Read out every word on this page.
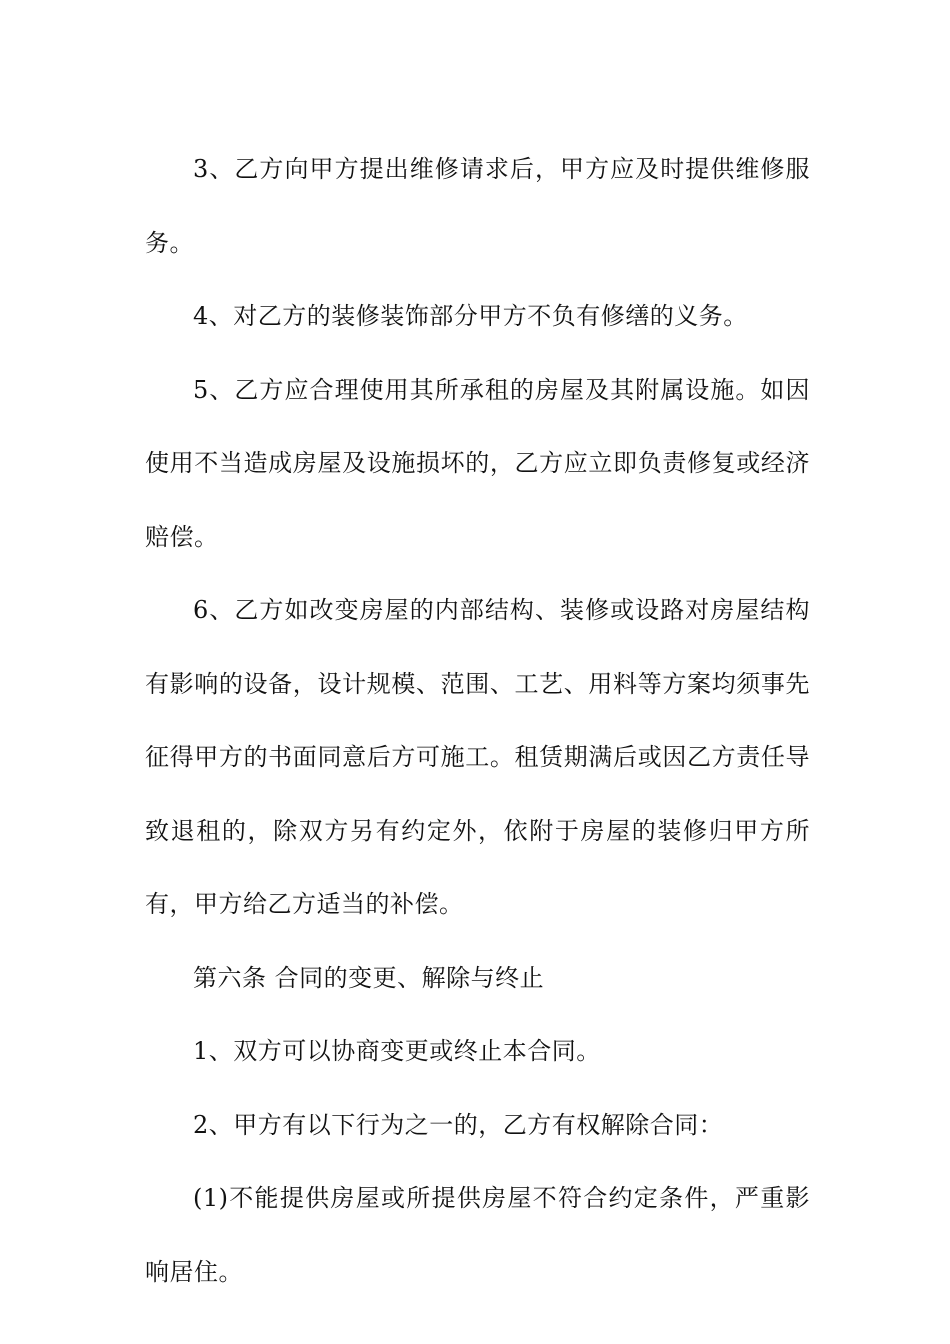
3、乙方向甲方提出维修请求后，甲方应及时提供维修服务。

4、对乙方的装修装饰部分甲方不负有修缮的义务。

5、乙方应合理使用其所承租的房屋及其附属设施。如因使用不当造成房屋及设施损坏的，乙方应立即负责修复或经济赔偿。

6、乙方如改变房屋的内部结构、装修或设路对房屋结构有影响的设备，设计规模、范围、工艺、用料等方案均须事先征得甲方的书面同意后方可施工。租赁期满后或因乙方责任导致退租的，除双方另有约定外，依附于房屋的装修归甲方所有，甲方给乙方适当的补偿。

第六条 合同的变更、解除与终止

1、双方可以协商变更或终止本合同。

2、甲方有以下行为之一的，乙方有权解除合同：

(1)不能提供房屋或所提供房屋不符合约定条件，严重影响居住。
